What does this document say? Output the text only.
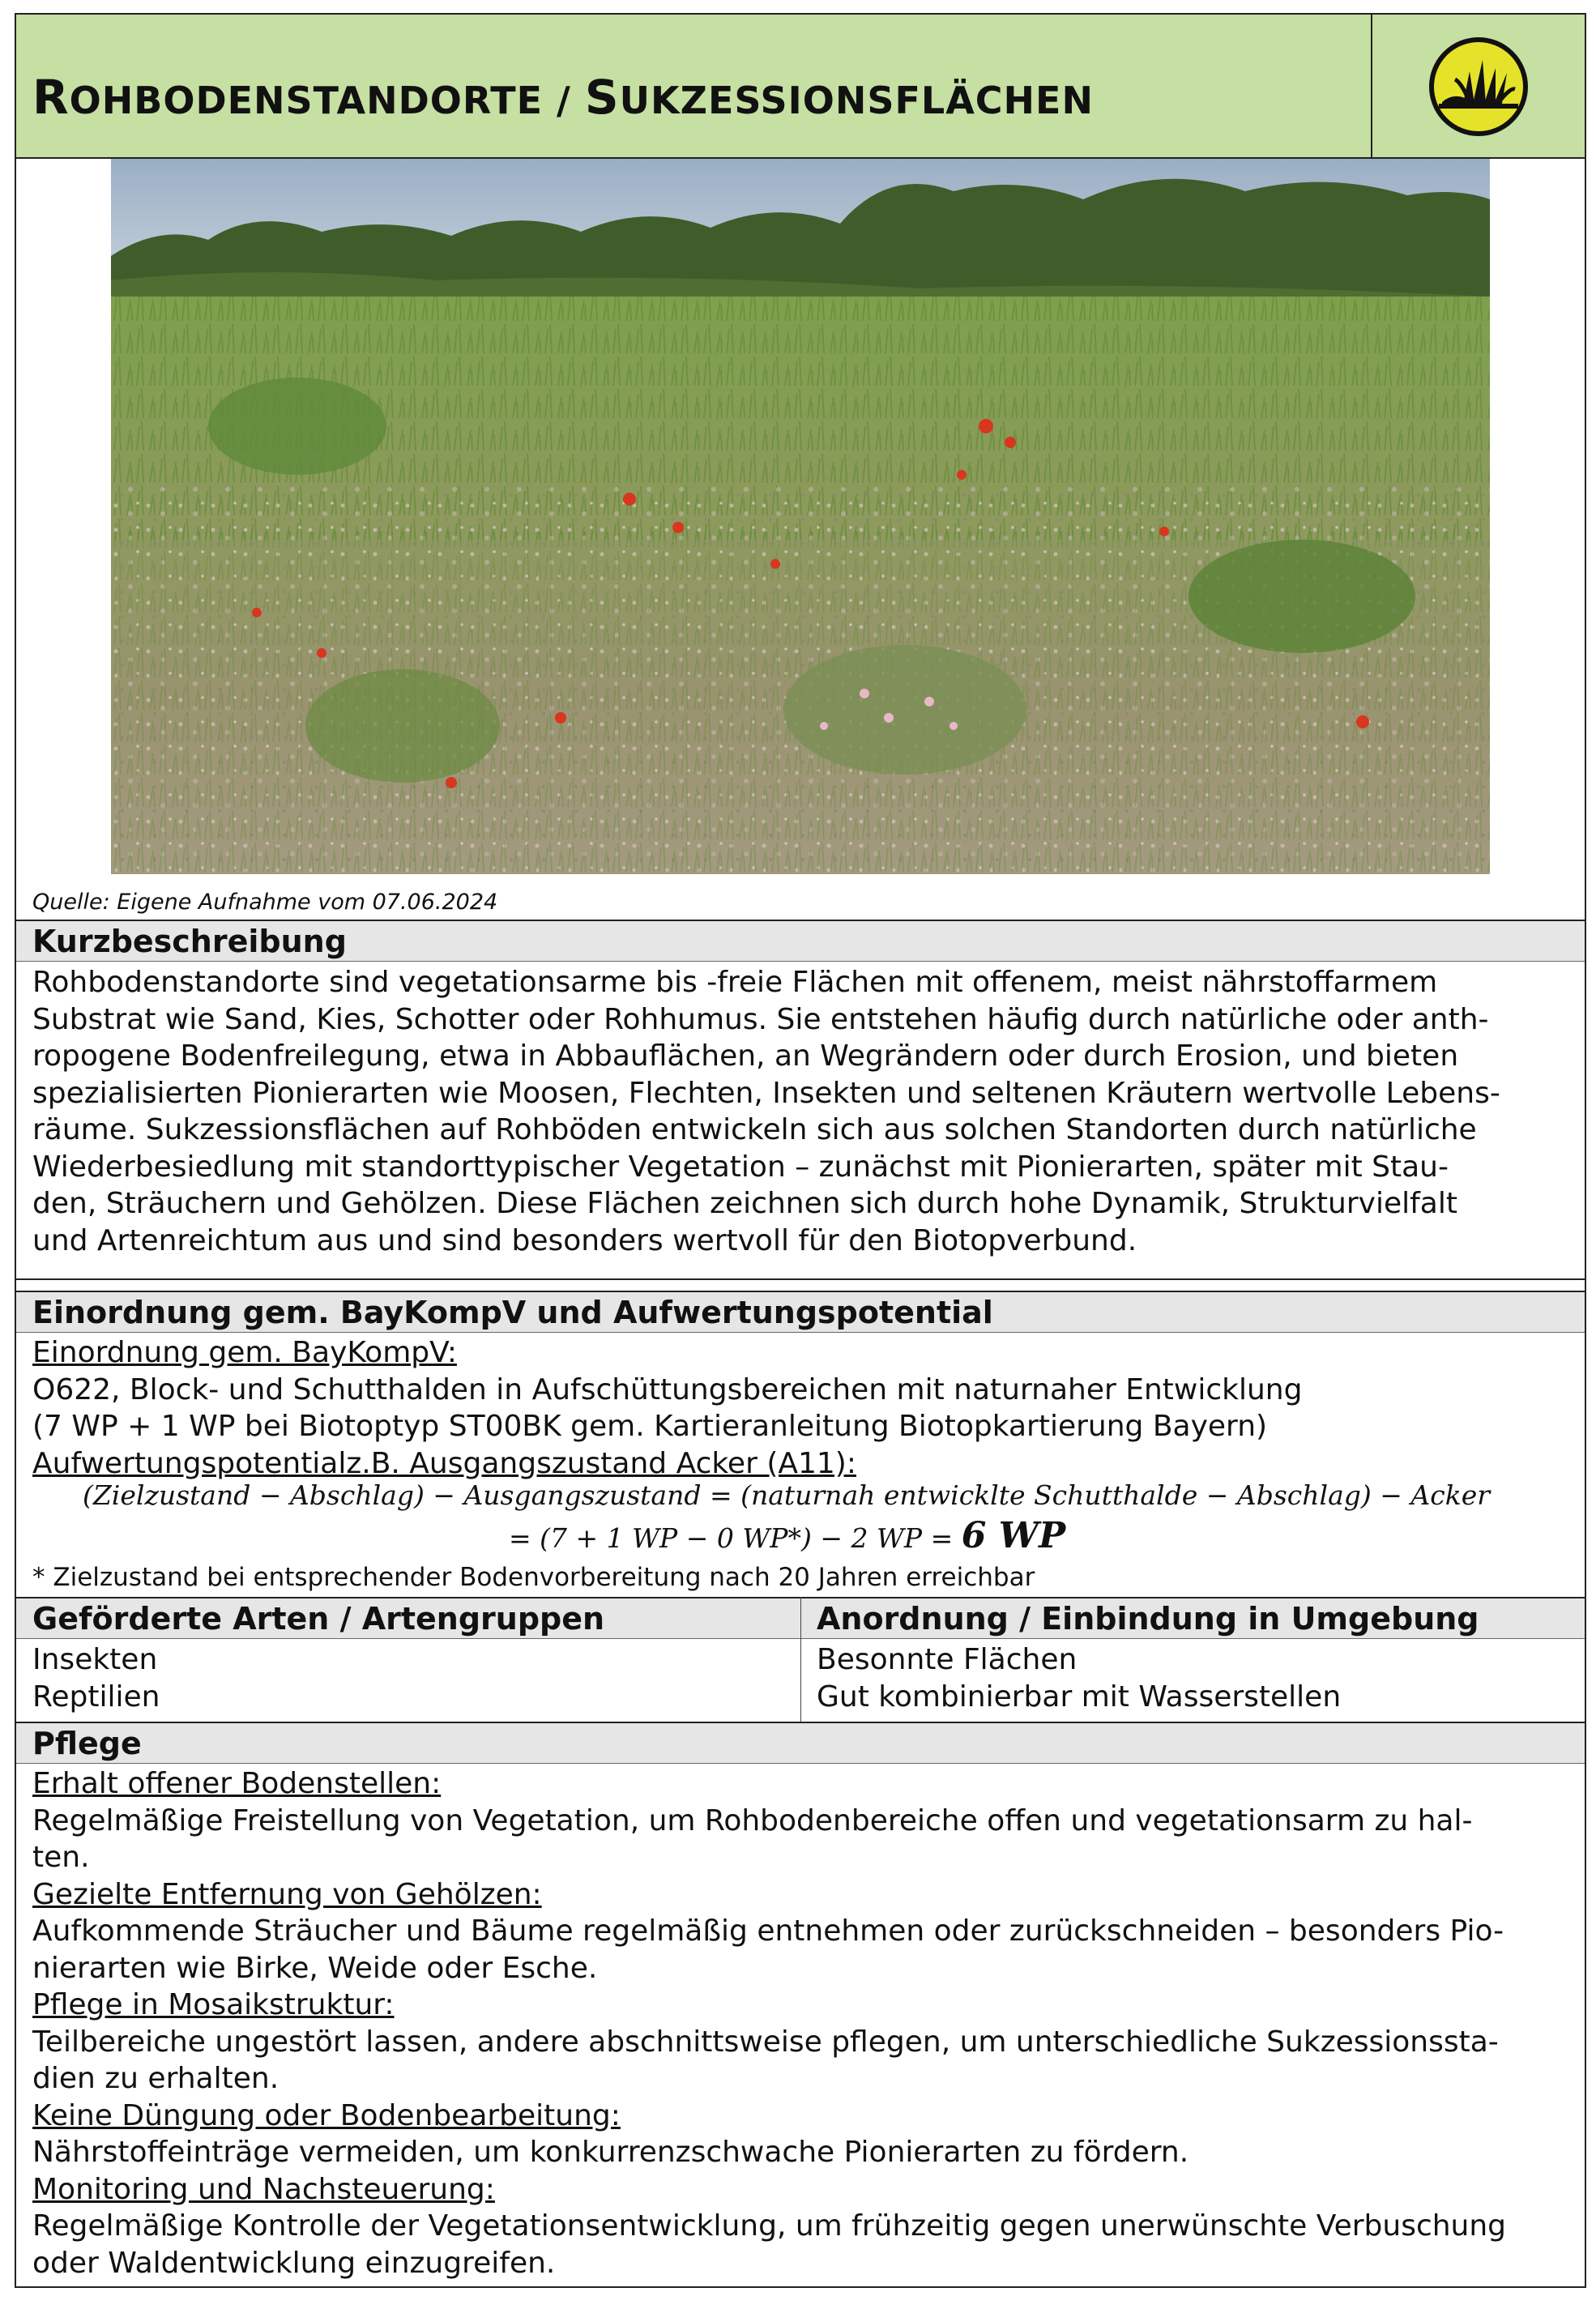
ROHBODENSTANDORTE / SUKZESSIONSFLÄCHEN
Quelle: Eigene Aufnahme vom 07.06.2024
Kurzbeschreibung
Rohbodenstandorte sind vegetationsarme bis -freie Flächen mit offenem, meist nährstoffarmem
Substrat wie Sand, Kies, Schotter oder Rohhumus. Sie entstehen häufig durch natürliche oder anth-
ropogene Bodenfreilegung, etwa in Abbauflächen, an Wegrändern oder durch Erosion, und bieten
spezialisierten Pionierarten wie Moosen, Flechten, Insekten und seltenen Kräutern wertvolle Lebens-
räume. Sukzessionsflächen auf Rohböden entwickeln sich aus solchen Standorten durch natürliche
Wiederbesiedlung mit standorttypischer Vegetation – zunächst mit Pionierarten, später mit Stau-
den, Sträuchern und Gehölzen. Diese Flächen zeichnen sich durch hohe Dynamik, Strukturvielfalt
und Artenreichtum aus und sind besonders wertvoll für den Biotopverbund.
Einordnung gem. BayKompV und Aufwertungspotential
Einordnung gem. BayKompV:
O622, Block- und Schutthalden in Aufschüttungsbereichen mit naturnaher Entwicklung
(7 WP + 1 WP bei Biotoptyp ST00BK gem. Kartieranleitung Biotopkartierung Bayern)
Aufwertungspotentialz.B. Ausgangszustand Acker (A11):
(Zielzustand − Abschlag) − Ausgangszustand = (naturnah entwicklte Schutthalde − Abschlag) − Acker
= (7 + 1 WP − 0 WP*) − 2 WP = 6 WP
* Zielzustand bei entsprechender Bodenvorbereitung nach 20 Jahren erreichbar
Geförderte Arten / Artengruppen	Anordnung / Einbindung in Umgebung
Insekten
Reptilien
Besonnte Flächen
Gut kombinierbar mit Wasserstellen
Pflege
Erhalt offener Bodenstellen:
Regelmäßige Freistellung von Vegetation, um Rohbodenbereiche offen und vegetationsarm zu hal-
ten.
Gezielte Entfernung von Gehölzen:
Aufkommende Sträucher und Bäume regelmäßig entnehmen oder zurückschneiden – besonders Pio-
nierarten wie Birke, Weide oder Esche.
Pflege in Mosaikstruktur:
Teilbereiche ungestört lassen, andere abschnittsweise pflegen, um unterschiedliche Sukzessionssta-
dien zu erhalten.
Keine Düngung oder Bodenbearbeitung:
Nährstoffeinträge vermeiden, um konkurrenzschwache Pionierarten zu fördern.
Monitoring und Nachsteuerung:
Regelmäßige Kontrolle der Vegetationsentwicklung, um frühzeitig gegen unerwünschte Verbuschung
oder Waldentwicklung einzugreifen.
